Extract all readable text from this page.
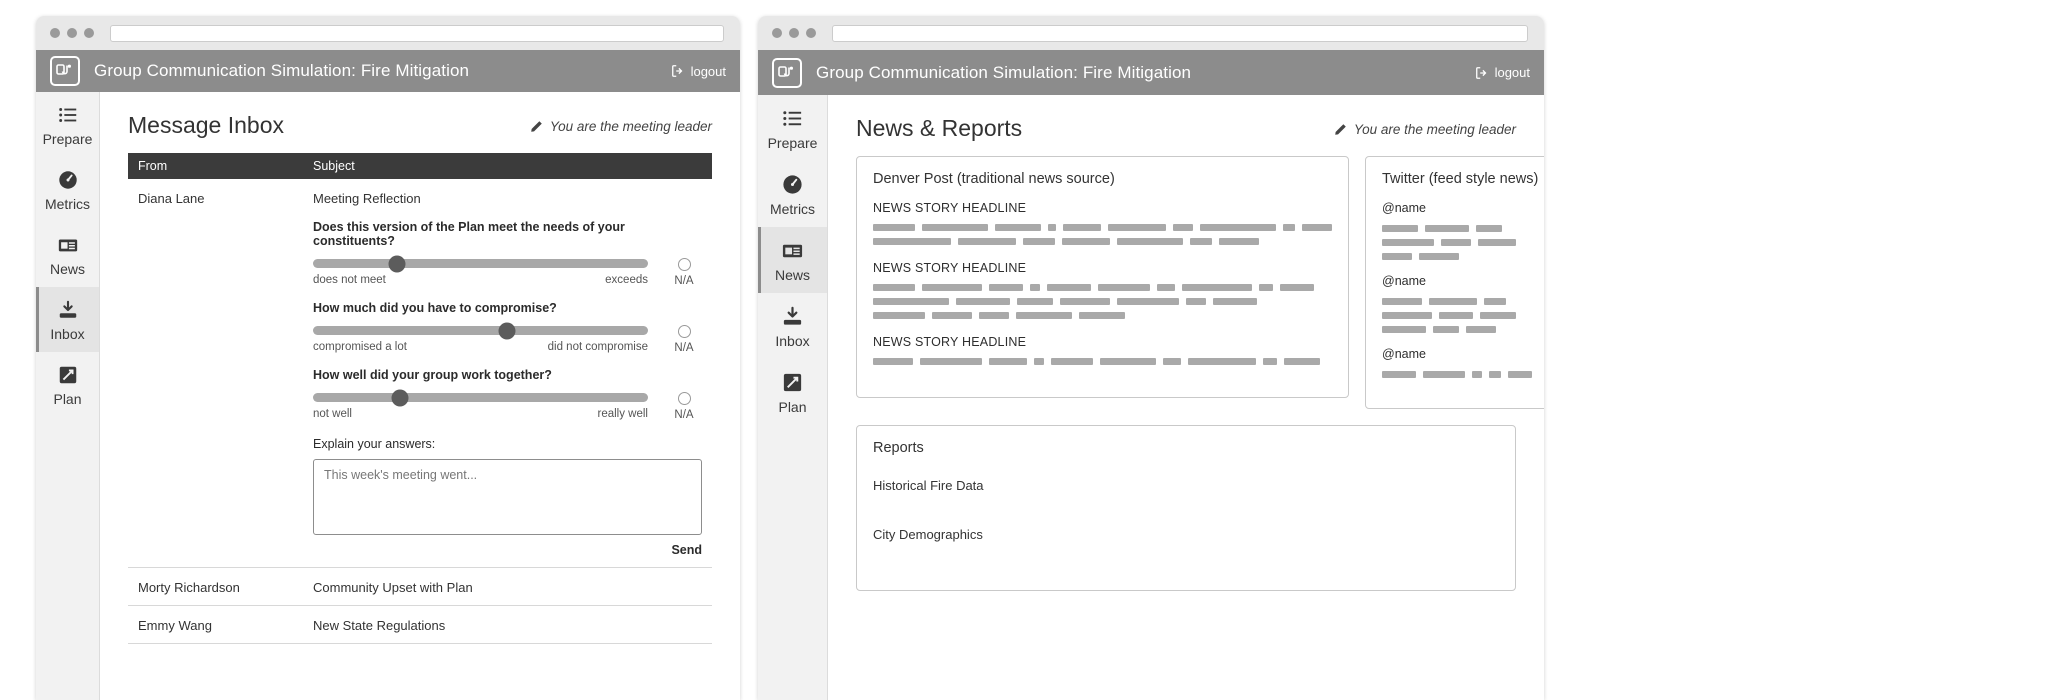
Group Communication Simulation: Fire Mitigation	logout
Prepare
Metrics
News
Inbox
Plan
Message Inbox	You are the meeting leader
From	Subject
Diana Lane	Meeting Reflection
Does this version of the Plan meet the needs of your constituents?
does not meet	exceeds	N/A
How much did you have to compromise?
compromised a lot	did not compromise	N/A
How well did your group work together?
not well	really well	N/A
Explain your answers:
This week's meeting went...
Send
Morty Richardson	Community Upset with Plan
Emmy Wang	New State Regulations
Group Communication Simulation: Fire Mitigation	logout
Prepare
Metrics
News
Inbox
Plan
News & Reports	You are the meeting leader
Denver Post (traditional news source)
NEWS STORY HEADLINE
NEWS STORY HEADLINE
NEWS STORY HEADLINE
Twitter (feed style news)
@name
@name
@name
Reports
Historical Fire Data
City Demographics
